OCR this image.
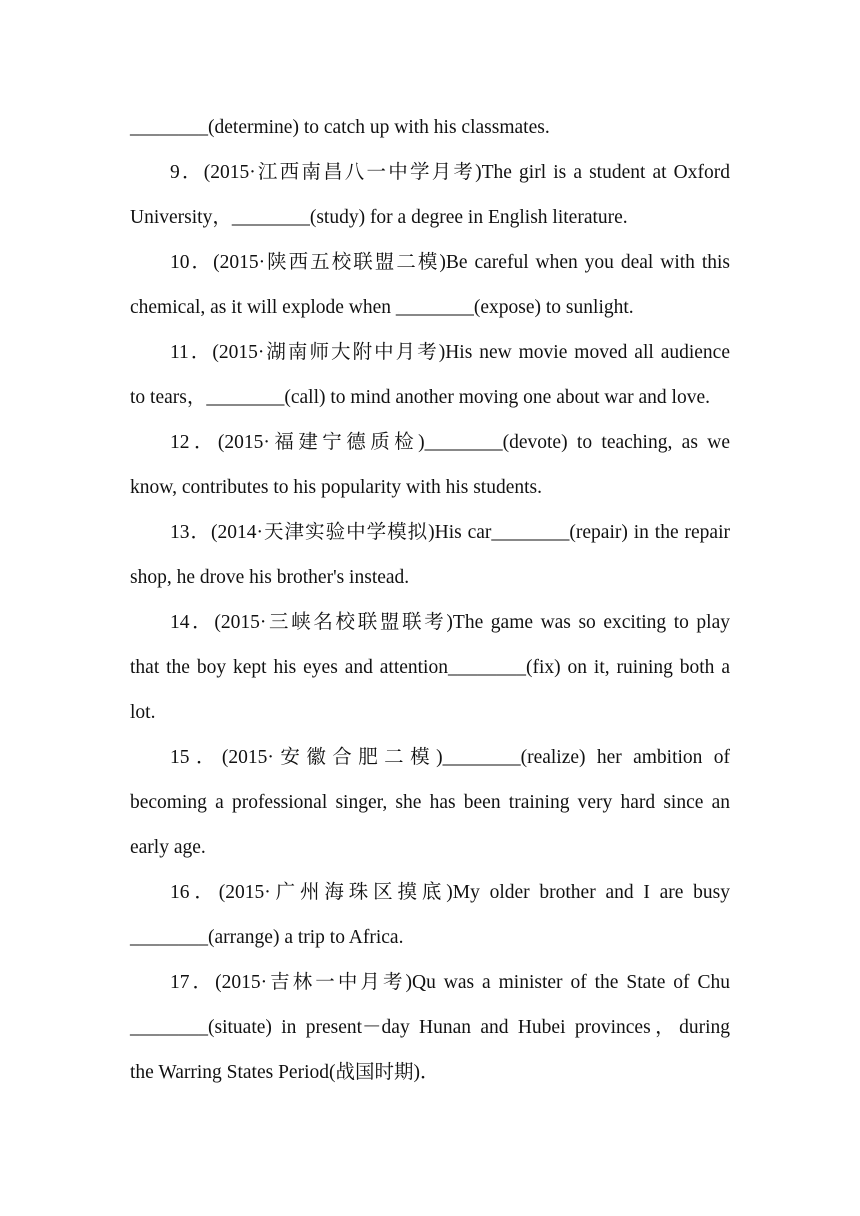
________(determine) to catch up with his classmates.
9．(2015·江西南昌八一中学月考)The girl is a student at Oxford
University，________(study) for a degree in English literature.
10．(2015·陕西五校联盟二模)Be careful when you deal with this
chemical, as it will explode when ________(expose) to sunlight.
11．(2015·湖南师大附中月考)His new movie moved all audience
to tears，________(call) to mind another moving one about war and love.
12．(2015·福建宁德质检)________(devote) to teaching, as we
know, contributes to his popularity with his students.
13．(2014·天津实验中学模拟)His car________(repair) in the repair
shop, he drove his brother's instead.
14．(2015·三峡名校联盟联考)The game was so exciting to play
that the boy kept his eyes and attention________(fix) on it, ruining both a
lot.
15．(2015·安徽合肥二模)________(realize) her ambition of
becoming a professional singer, she has been training very hard since an
early age.
16．(2015·广州海珠区摸底)My older brother and I are busy
________(arrange) a trip to Africa.
17．(2015·吉林一中月考)Qu was a minister of the State of Chu
________(situate) in present－day Hunan and Hubei provinces，during
the Warring States Period(战国时期)．
